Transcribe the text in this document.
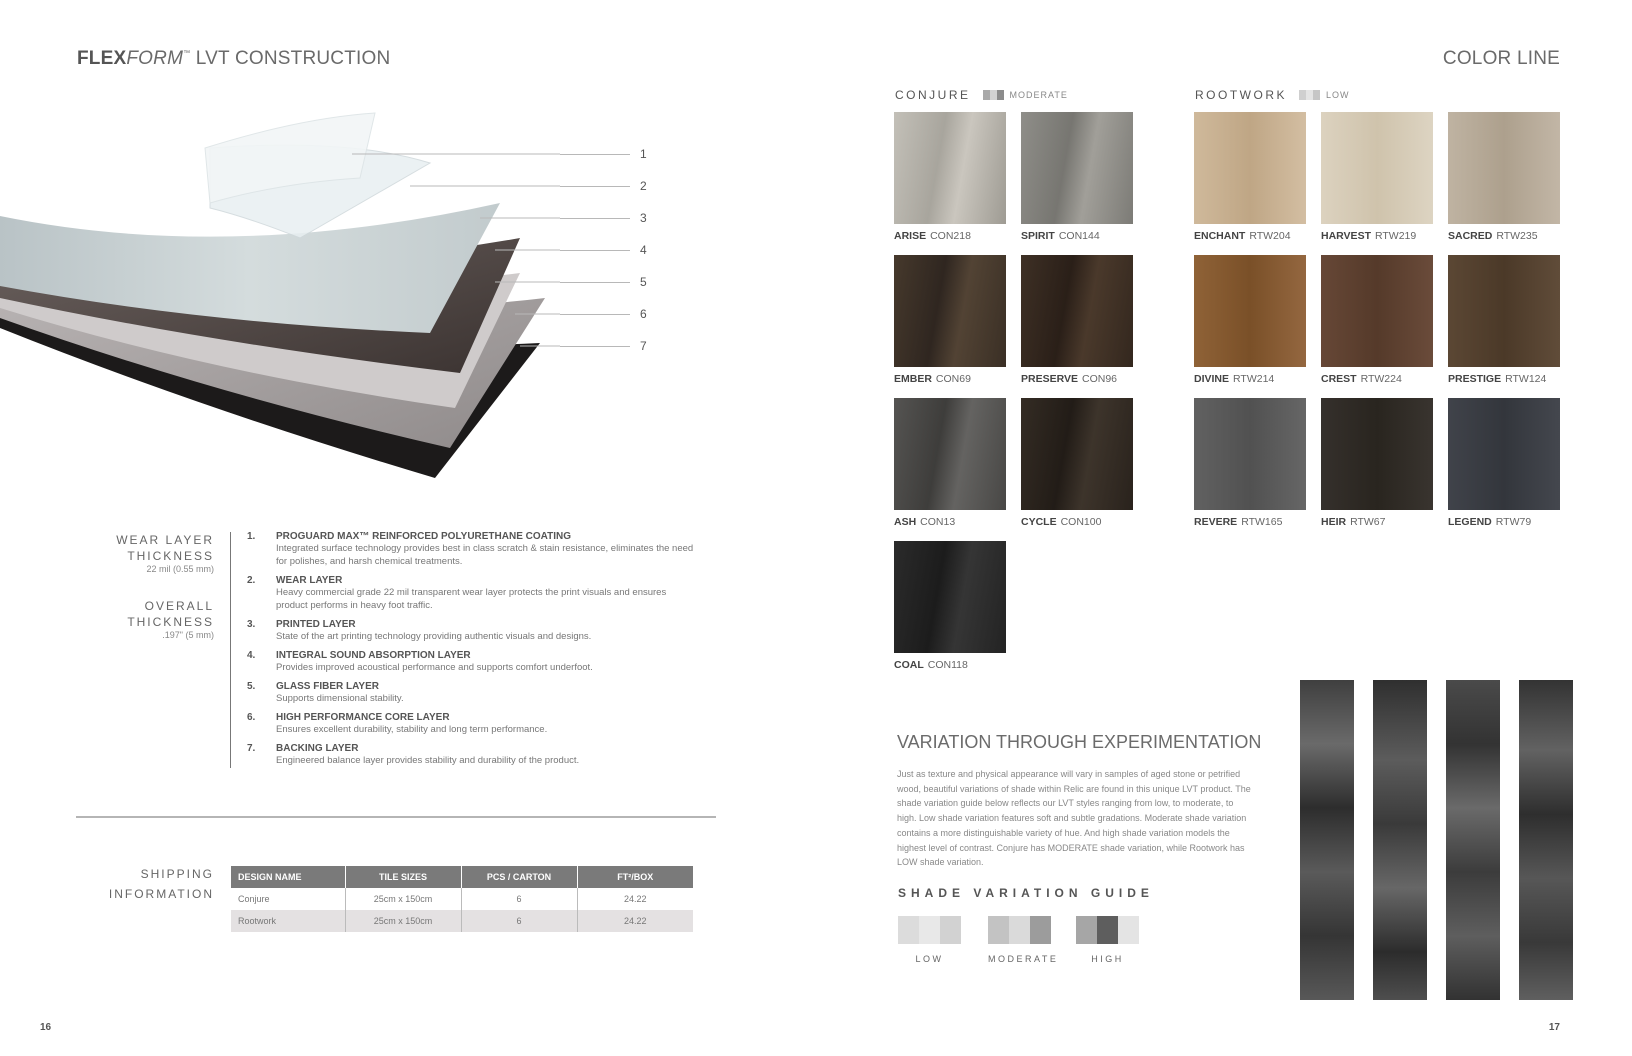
FLEXFORM™ LVT CONSTRUCTION
1
2
3
4
5
6
7
WEAR LAYER
THICKNESS
22 mil (0.55 mm)
OVERALL
THICKNESS
.197" (5 mm)
1. PROGUARD MAX™ REINFORCED POLYURETHANE COATING
Integrated surface technology provides best in class scratch & stain resistance, eliminates the need for polishes, and harsh chemical treatments.
2. WEAR LAYER
Heavy commercial grade 22 mil transparent wear layer protects the print visuals and ensures product performs in heavy foot traffic.
3. PRINTED LAYER
State of the art printing technology providing authentic visuals and designs.
4. INTEGRAL SOUND ABSORPTION LAYER
Provides improved acoustical performance and supports comfort underfoot.
5. GLASS FIBER LAYER
Supports dimensional stability.
6. HIGH PERFORMANCE CORE LAYER
Ensures excellent durability, stability and long term performance.
7. BACKING LAYER
Engineered balance layer provides stability and durability of the product.
SHIPPING
INFORMATION
DESIGN NAME	TILE SIZES	PCS / CARTON	FT²/BOX
Conjure	25cm x 150cm	6	24.22
Rootwork	25cm x 150cm	6	24.22
16
COLOR LINE
CONJURE	MODERATE	ROOTWORK	LOW
ARISE CON218	SPIRIT CON144
EMBER CON69	PRESERVE CON96
ASH CON13	CYCLE CON100
COAL CON118
ENCHANT RTW204	HARVEST RTW219	SACRED RTW235
DIVINE RTW214	CREST RTW224	PRESTIGE RTW124
REVERE RTW165	HEIR RTW67	LEGEND RTW79
VARIATION THROUGH EXPERIMENTATION
Just as texture and physical appearance will vary in samples of aged stone or petrified wood, beautiful variations of shade within Relic are found in this unique LVT product. The shade variation guide below reflects our LVT styles ranging from low, to moderate, to high. Low shade variation features soft and subtle gradations. Moderate shade variation contains a more distinguishable variety of hue. And high shade variation models the highest level of contrast. Conjure has MODERATE shade variation, while Rootwork has LOW shade variation.
SHADE VARIATION GUIDE
LOW	MODERATE	HIGH
17
